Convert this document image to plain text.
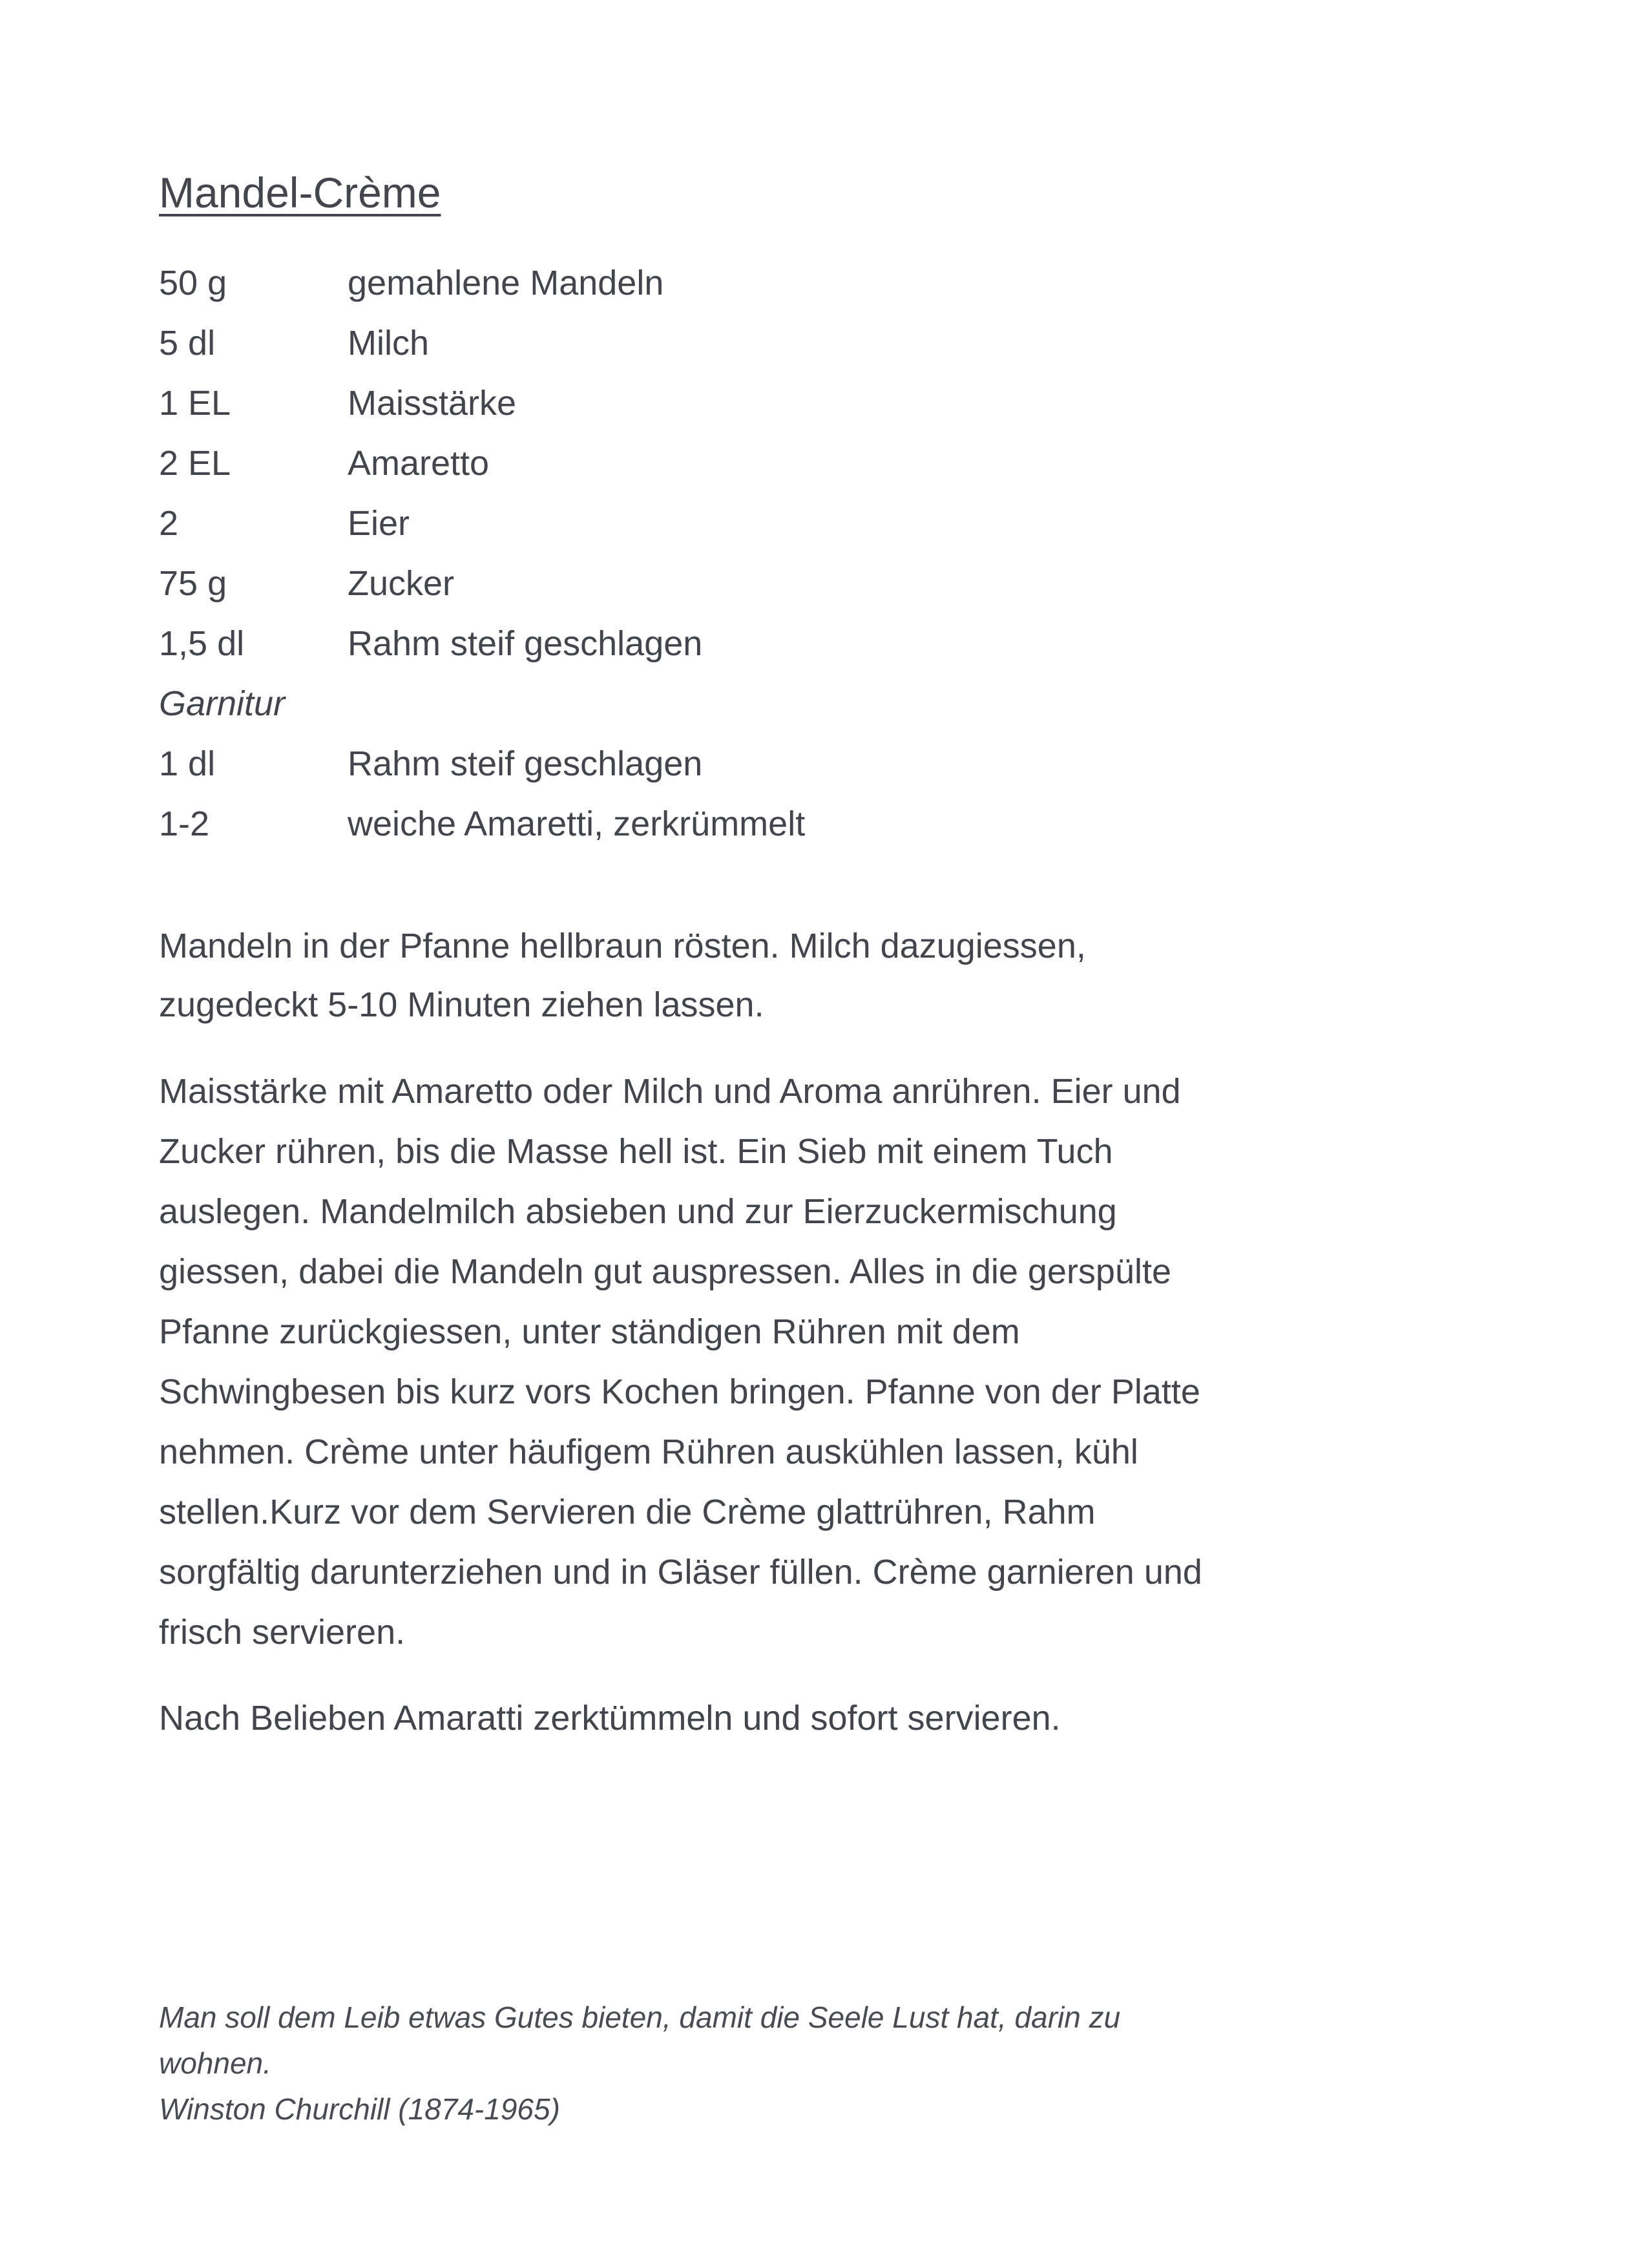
Mandel-Crème
50 g	gemahlene Mandeln
5 dl	Milch
1 EL	Maisstärke
2 EL	Amaretto
2	Eier
75 g	Zucker
1,5 dl	Rahm steif geschlagen
Garnitur
1 dl	Rahm steif geschlagen
1-2	weiche Amaretti, zerkrümmelt
Mandeln in der Pfanne hellbraun rösten. Milch dazugiessen,
zugedeckt 5-10 Minuten ziehen lassen.
Maisstärke mit Amaretto oder Milch und Aroma anrühren. Eier und
Zucker rühren, bis die Masse hell ist. Ein Sieb mit einem Tuch
auslegen. Mandelmilch absieben und zur Eierzuckermischung
giessen, dabei die Mandeln gut auspressen. Alles in die gerspülte
Pfanne zurückgiessen, unter ständigen Rühren mit dem
Schwingbesen bis kurz vors Kochen bringen. Pfanne von der Platte
nehmen. Crème unter häufigem Rühren auskühlen lassen, kühl
stellen.Kurz vor dem Servieren die Crème glattrühren, Rahm
sorgfältig darunterziehen und in Gläser füllen. Crème garnieren und
frisch servieren.
Nach Belieben Amaratti zerktümmeln und sofort servieren.
Man soll dem Leib etwas Gutes bieten, damit die Seele Lust hat, darin zu
wohnen.
Winston Churchill (1874-1965)
